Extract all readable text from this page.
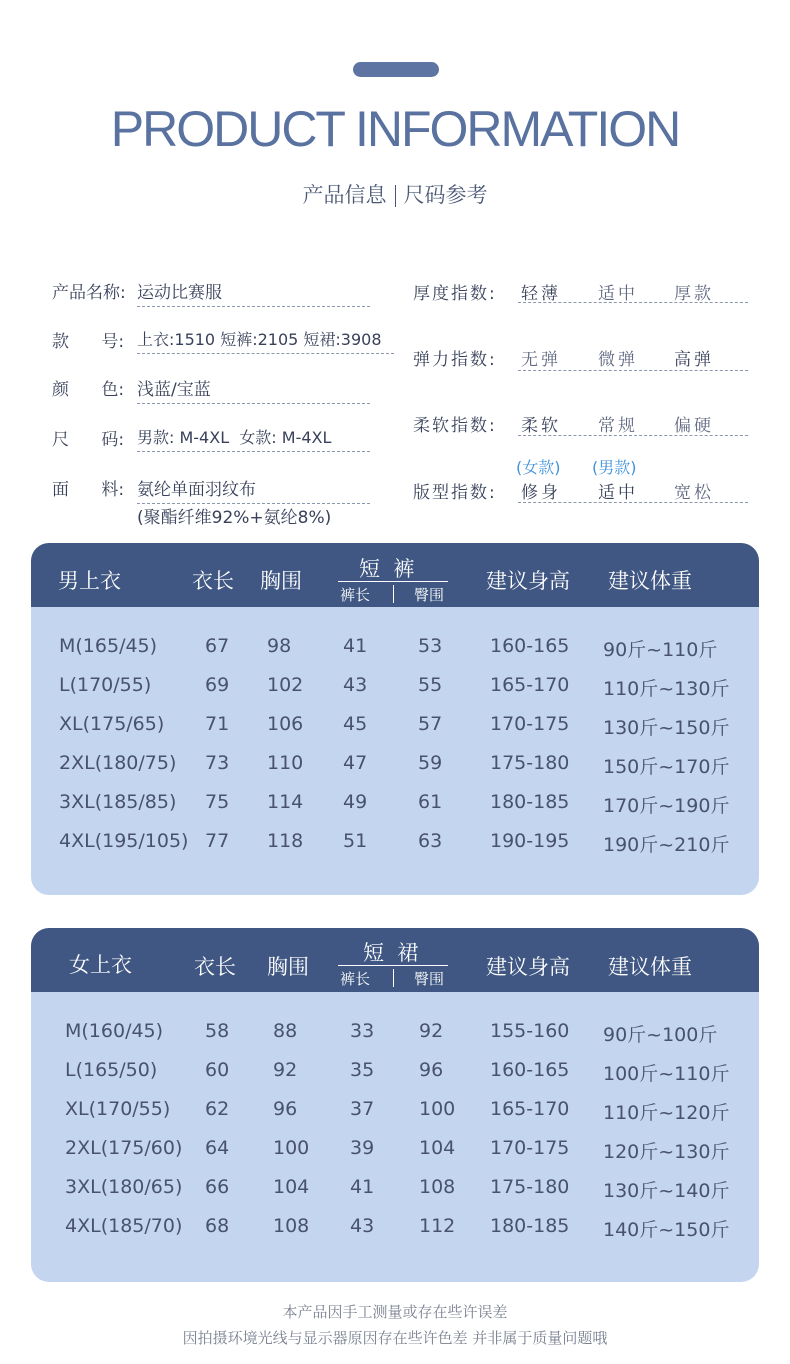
PRODUCT INFORMATION
产品信息 尺码参考
产品名称: 运动比赛服
款      号: 上衣:1510 短裤:2105 短裙:3908
颜      色: 浅蓝/宝蓝
尺      码: 男款: M-4XL  女款: M-4XL
面      料: 氨纶单面羽纹布
(聚酯纤维92%+氨纶8%)
厚度指数: 轻薄 适中 厚款
弹力指数: 无弹 微弹 高弹
柔软指数: 柔软 常规 偏硬
(女款) (男款)
版型指数: 修身 适中 宽松
男上衣	衣长 胸围	短  裤
裤长	臀围
建议身高 建议体重
M(165/45)	67 98	41	53	160-165 90斤~110斤
L(170/55)	69 102 43	55	165-170 110斤~130斤
XL(175/65) 71 106 45	57	170-175 130斤~150斤
2XL(180/75) 73 110 47	59	175-180 150斤~170斤
3XL(185/85) 75 114 49	61	180-185 170斤~190斤
4XL(195/105) 77 118 51	63	190-195 190斤~210斤
女上衣	衣长 胸围
短  裙
裤长	臀围 建议身高 建议体重
M(160/45) 58 88	33 92 155-160 90斤~100斤
L(165/50)	60 92	35 96 160-165 100斤~110斤
XL(170/55) 62 96	37 100 165-170 110斤~120斤
2XL(175/60) 64 100 39 104 170-175 120斤~130斤
3XL(180/65) 66 104 41 108 175-180 130斤~140斤
4XL(185/70) 68 108 43 112 180-185 140斤~150斤
本产品因手工测量或存在些许误差
因拍摄环境光线与显示器原因存在些许色差 并非属于质量问题哦
